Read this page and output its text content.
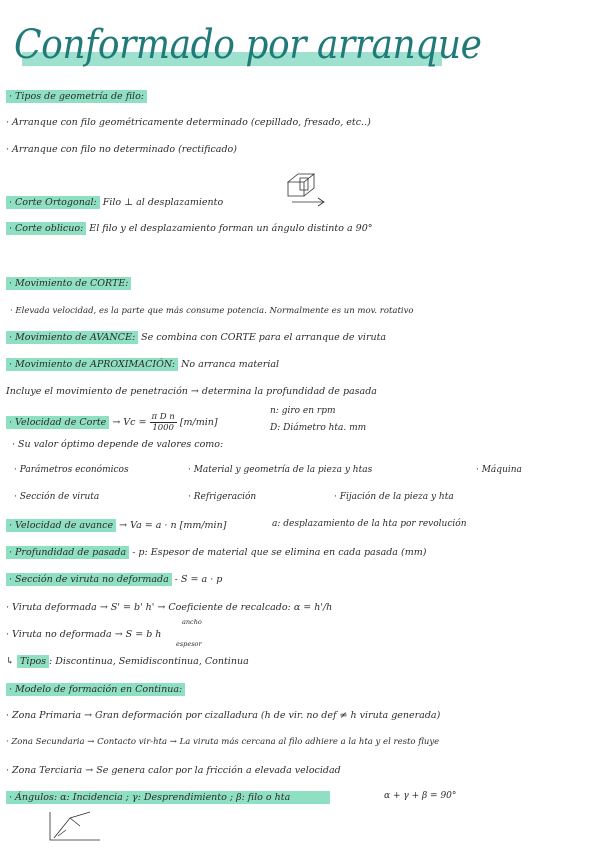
Conformado por arranque
· Tipos de geometría de filo:
· Arranque con filo geométricamente determinado (cepillado, fresado, etc..)
· Arranque con filo no determinado (rectificado)
· Corte Ortogonal: Filo ⊥ al desplazamiento
· Corte oblicuo: El filo y el desplazamiento forman un ángulo distinto a 90°
· Movimiento de CORTE:
· Elevada velocidad, es la parte que más consume potencia. Normalmente es un mov. rotativo
· Movimiento de AVANCE: Se combina con CORTE para el arranque de viruta
· Movimiento de APROXIMACIÓN: No arranca material
Incluye el movimiento de penetración → determina la profundidad de pasada
· Velocidad de Corte → $Vc = \frac{\text{π D n}}{1000} [m/\min]$
n: giro en rpm
D: Diámetro hta. mm
· Su valor óptimo depende de valores como:
· Parámetros económicos	· Material y geometría de la pieza y htas	· Máquina
· Sección de viruta	· Refrigeración	· Fijación de la pieza y hta
· Velocidad de avance → Va = a · n [mm/min]	a: desplazamiento de la hta por revolución
· Profundidad de pasada - p: Espesor de material que se elimina en cada pasada (mm)
· Sección de viruta no deformada - S = a · p
· Viruta deformada → S' = b' h' → Coeficiente de recalcado: α = h'/h
· Viruta no deformada → S = b h
ancho
espesor
↳ Tipos : Discontinua, Semidiscontinua, Continua
· Modelo de formación en Continua:
· Zona Primaria → Gran deformación por cizalladura (h de vir. no def ≠ h viruta generada)
· Zona Secundaria → Contacto vir-hta → La viruta más cercana al filo adhiere a la hta y el resto fluye
· Zona Terciaria → Se genera calor por la fricción a elevada velocidad
· Ángulos: α: Incidencia ; γ: Desprendimiento ; β: filo o hta	α + γ + β = 90°
